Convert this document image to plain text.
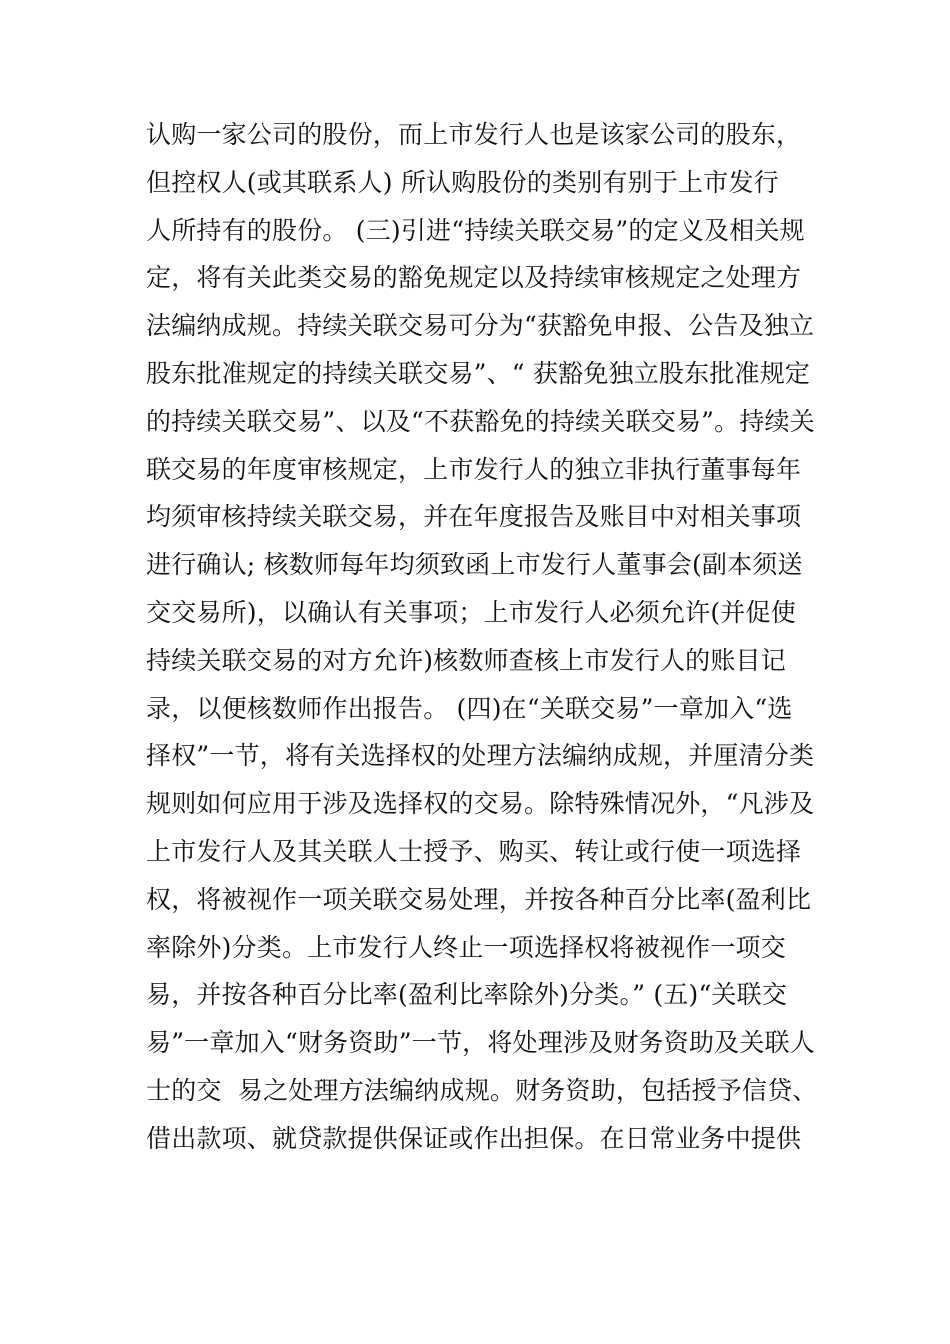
认购一家公司的股份，而上市发行人也是该家公司的股东，
但控权人(或其联系人) 所认购股份的类别有别于上市发行
人所持有的股份。 (三)引进“持续关联交易”的定义及相关规
定，将有关此类交易的豁免规定以及持续审核规定之处理方
法编纳成规。持续关联交易可分为“获豁免申报、公告及独立
股东批准规定的持续关联交易”、“ 获豁免独立股东批准规定
的持续关联交易”、以及“不获豁免的持续关联交易”。持续关
联交易的年度审核规定，上市发行人的独立非执行董事每年
均须审核持续关联交易，并在年度报告及账目中对相关事项
进行确认; 核数师每年均须致函上市发行人董事会(副本须送
交交易所)，以确认有关事项；上市发行人必须允许(并促使
持续关联交易的对方允许)核数师查核上市发行人的账目记
录，以便核数师作出报告。 (四)在“关联交易”一章加入“选
择权”一节，将有关选择权的处理方法编纳成规，并厘清分类
规则如何应用于涉及选择权的交易。除特殊情况外，“凡涉及
上市发行人及其关联人士授予、购买、转让或行使一项选择
权，将被视作一项关联交易处理，并按各种百分比率(盈利比
率除外)分类。上市发行人终止一项选择权将被视作一项交
易，并按各种百分比率(盈利比率除外)分类。” (五)“关联交
易”一章加入“财务资助”一节，将处理涉及财务资助及关联人
士的交  易之处理方法编纳成规。财务资助，包括授予信贷、
借出款项、就贷款提供保证或作出担保。在日常业务中提供
